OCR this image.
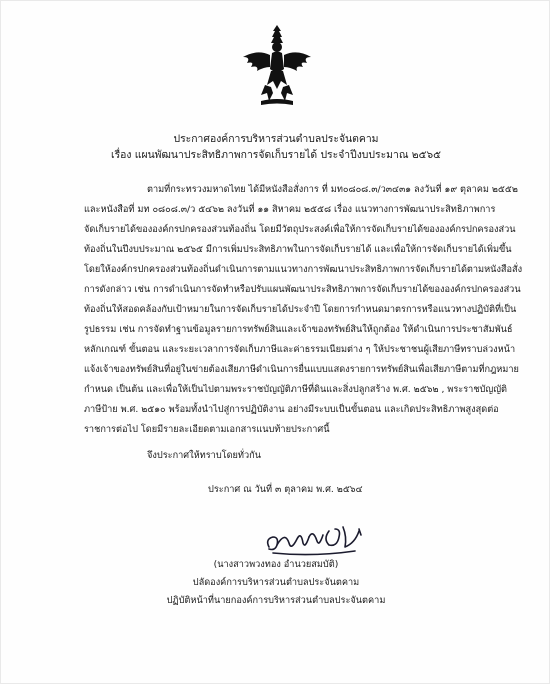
ประกาศองค์การบริหารส่วนตำบลประจันตคาม
เรื่อง แผนพัฒนาประสิทธิภาพการจัดเก็บรายได้ ประจำปีงบประมาณ ๒๕๖๕
ตามที่กระทรวงมหาดไทย ได้มีหนังสือสั่งการ ที่ มท๐๘๐๘.๓/ว๓๔๓๑ ลงวันที่ ๑๙ ตุลาคม ๒๕๕๒
และหนังสือที่ มท ๐๘๐๘.๓/ว ๕๔๖๒ ลงวันที่ ๑๑ สิหาคม ๒๕๕๘ เรื่อง แนวทางการพัฒนาประสิทธิภาพการ
จัดเก็บรายได้ขององค์กรปกครองส่วนท้องถิ่น โดยมีวัตถุประสงค์เพื่อให้การจัดเก็บรายได้ขององค์กรปกครองส่วน
ท้องถิ่นในปีงบประมาณ ๒๕๖๕ มีการเพิ่มประสิทธิภาพในการจัดเก็บรายได้ และเพื่อให้การจัดเก็บรายได้เพิ่มขึ้น
โดยให้องค์กรปกครองส่วนท้องถิ่นดำเนินการตามแนวทางการพัฒนาประสิทธิภาพการจัดเก็บรายได้ตามหนังสือสั่ง
การดังกล่าว เช่น การดำเนินการจัดทำหรือปรับแผนพัฒนาประสิทธิภาพการจัดเก็บรายได้ขององค์กรปกครองส่วน
ท้องถิ่นให้สอดคล้องกับเป้าหมายในการจัดเก็บรายได้ประจำปี โดยการกำหนดมาตรการหรือแนวทางปฏิบัติที่เป็น
รูปธรรม เช่น การจัดทำฐานข้อมูลรายการทรัพย์สินและเจ้าของทรัพย์สินให้ถูกต้อง ให้ดำเนินการประชาสัมพันธ์
หลักเกณฑ์ ขั้นตอน และระยะเวลาการจัดเก็บภาษีและค่าธรรมเนียมต่าง ๆ ให้ประชาชนผู้เสียภาษีทราบล่วงหน้า
แจ้งเจ้าของทรัพย์สินที่อยู่ในข่ายต้องเสียภาษีดำเนินการยื่นแบบแสดงรายการทรัพย์สินเพื่อเสียภาษีตามที่กฎหมาย
กำหนด เป็นต้น และเพื่อให้เป็นไปตามพระราชบัญญัติภาษีที่ดินและสิ่งปลูกสร้าง พ.ศ. ๒๕๖๒ , พระราชบัญญัติ
ภาษีป้าย พ.ศ. ๒๕๑๐ พร้อมทั้งนำไปสู่การปฏิบัติงาน อย่างมีระบบเป็นขั้นตอน และเกิดประสิทธิภาพสูงสุดต่อ
ราชการต่อไป โดยมีรายละเอียดตามเอกสารแนบท้ายประกาศนี้
จึงประกาศให้ทราบโดยทั่วกัน
ประกาศ ณ วันที่ ๓ ตุลาคม พ.ศ. ๒๕๖๔
(นางสาวพวงทอง อำนวยสมบัติ)
ปลัดองค์การบริหารส่วนตำบลประจันตคาม
ปฏิบัติหน้าที่นายกองค์การบริหารส่วนตำบลประจันตคาม
